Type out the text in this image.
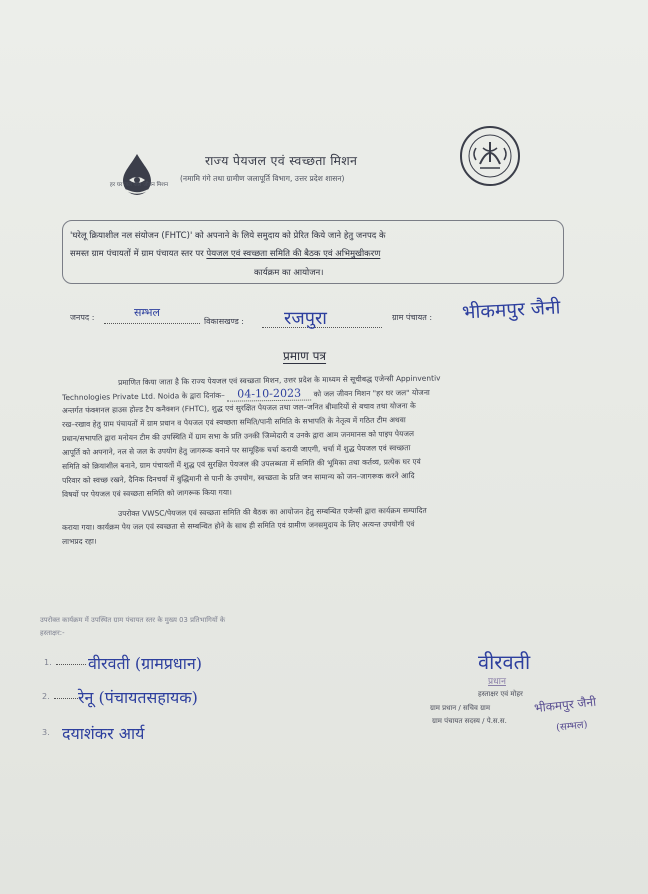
हर घर जल जल जीवन मिशन
राज्य पेयजल एवं स्वच्छता मिशन
(नमामि गंगे तथा ग्रामीण जलापूर्ति विभाग, उत्तर प्रदेश शासन)
'घरेलू क्रियाशील नल संयोजन (FHTC)' को अपनाने के लिये समुदाय को प्रेरित किये जाने हेतु जनपद के
समस्त ग्राम पंचायतों में ग्राम पंचायत स्तर पर पेयजल एवं स्वच्छता समिति की बैठक एवं अभिमुखीकरण
कार्यक्रम का आयोजन।
जनपद :	सम्भल
विकासखण्ड : रजपुरा	ग्राम पंचायत : भीकमपुर जैनी
प्रमाण पत्र
प्रमाणित किया जाता है कि राज्य पेयजल एवं स्वच्छता मिशन, उत्तर प्रदेश के माध्यम से सूचीबद्ध एजेन्सी Appinventiv
Technologies Private Ltd. Noida के द्वारा दिनांक– 04-10-2023 को जल जीवन मिशन "हर घर जल" योजना
अन्तर्गत फंक्शनल हाउस होल्ड टैप कनैक्शन (FHTC), शुद्ध एवं सुरक्षित पेयजल तथा जल–जनित बीमारियों से बचाव तथा योजना के
रख–रखाव हेतु ग्राम पंचायतों में ग्राम प्रधान व पेयजल एवं स्वच्छता समिति/पानी समिति के सभापति के नेतृत्व में गठित टीम अथवा
प्रधान/सभापति द्वारा मनोयन टीम की उपस्थिति में ग्राम सभा के प्रति उनकी जिम्मेदारी व उनके द्वारा आम जनमानस को पाइप पेयजल
आपूर्ति को अपनाने, नल से जल के उपयोग हेतु जागरूक बनाने पर सामूहिक चर्चा करायी जाएगी, चर्चा में शुद्ध पेयजल एवं स्वच्छता
समिति को क्रियाशील बनाने, ग्राम पंचायतों में शुद्ध एवं सुरक्षित पेयजल की उपलब्धता में समिति की भूमिका तथा कर्तव्य, प्रत्येक घर एवं
परिवार को स्वच्छ रखने, दैनिक दिनचर्या में बुद्धिमानी से पानी के उपयोग, स्वच्छता के प्रति जन सामान्य को जन–जागरूक करने आदि
विषयों पर पेयजल एवं स्वच्छता समिति को जागरूक किया गया।
उपरोक्त VWSC/पेयजल एवं स्वच्छता समिति की बैठक का आयोजन हेतु सम्बन्धित एजेन्सी द्वारा कार्यक्रम सम्पादित
कराया गया। कार्यक्रम पेय जल एवं स्वच्छता से सम्बन्धित होने के साथ ही समिति एवं ग्रामीण जनसमुदाय के लिए अत्यन्त उपयोगी एवं
लाभप्रद रहा।
उपरोक्त कार्यक्रम में उपस्थित ग्राम पंचायत स्तर के मुख्य 03 प्रतिभागियों के
हस्ताक्षर:-
1. वीरवती (ग्रामप्रधान)
2. रेनू (पंचायतसहायक)
3. दयाशंकर आर्य
वीरवती
प्रधान
हस्ताक्षर एवं मोहर
ग्राम प्रधान / सचिव ग्राम
ग्राम पंचायत सदस्य / पे.स.स.
भीकमपुर जैनी
(सम्भल)
